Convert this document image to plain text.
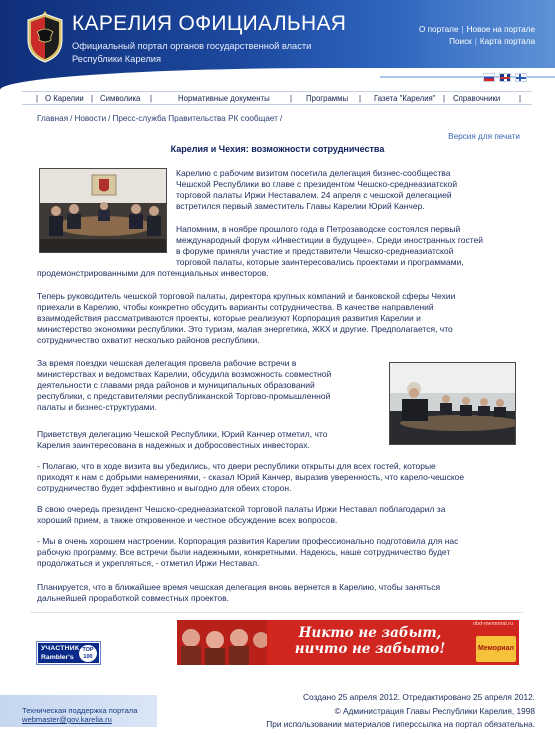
КАРЕЛИЯ ОФИЦИАЛЬНАЯ
Официальный портал органов государственной власти
Республики Карелия
О портале | Новое на портале
Поиск | Карта портала
| О Карелии | Символика |	Нормативные документы	| Программы | Газета "Карелия" | Справочники |
Главная / Новости / Пресс-служба Правительства РК сообщает /
Версия для печати
Карелия и Чехия: возможности сотрудничества
Карелию с рабочим визитом посетила делегация бизнес-сообщества
Чешской Республики во главе с президентом Чешско-среднеазиатской
торговой палаты Иржи Неставалем. 24 апреля с чешской делегацией
встретился первый заместитель Главы Карелии Юрий Канчер.
Напомним, в ноябре прошлого года в Петрозаводске состоялся первый
международный форум «Инвестиции в будущее». Среди иностранных гостей
в форуме приняли участие и представители Чешско-среднеазиатской
торговой палаты, которые заинтересовались проектами и программами,
продемонстрированными для потенциальных инвесторов.
Теперь руководитель чешской торговой палаты, директора крупных компаний и банковской сферы Чехии
приехали в Карелию, чтобы конкретно обсудить варианты сотрудничества. В качестве направлений
взаимодействия рассматриваются проекты, которые реализуют Корпорация развития Карелии и
министерство экономики республики. Это туризм, малая энергетика, ЖКХ и другие. Предполагается, что
сотрудничество охватит несколько районов республики.
За время поездки чешская делегация провела рабочие встречи в
министерствах и ведомствах Карелии, обсудила возможность совместной
деятельности с главами ряда районов и муниципальных образований
республики, с представителями республиканской Торгово-промышленной
палаты и бизнес-структурами.
Приветствуя делегацию Чешской Республики, Юрий Канчер отметил, что
Карелия заинтересована в надежных и добросовестных инвесторах.
- Полагаю, что в ходе визита вы убедились, что двери республики открыты для всех гостей, которые
приходят к нам с добрыми намерениями, - сказал Юрий Канчер, выразив уверенность, что карело-чешское
сотрудничество будет эффективно и выгодно для обеих сторон.
В свою очередь президент Чешско-среднеазиатской торговой палаты Иржи Неставал поблагодарил за
хороший прием, а также откровенное и честное обсуждение всех вопросов.
- Мы в очень хорошем настроении. Корпорация развития Карелии профессионально подготовила для нас
рабочую программу. Все встречи были надежными, конкретными. Надеюсь, наше сотрудничество будет
продолжаться и укрепляться, - отметил Иржи Нестaвал.
Планируется, что в ближайшее время чешская делегация вновь вернется в Карелию, чтобы заняться
дальнейшей проработкой совместных проектов.
УЧАСТНИК
Rambler's
TOP 100
Никто не забыт,
ничто не забыто!
obd-memorial.ru
Мемориал
Техническая поддержка портала
webmaster@gov.karelia.ru
Создано 25 апреля 2012. Отредактировано 25 апреля 2012.
© Администрация Главы Республики Карелия, 1998
При использовании материалов гиперссылка на портал обязательна.
